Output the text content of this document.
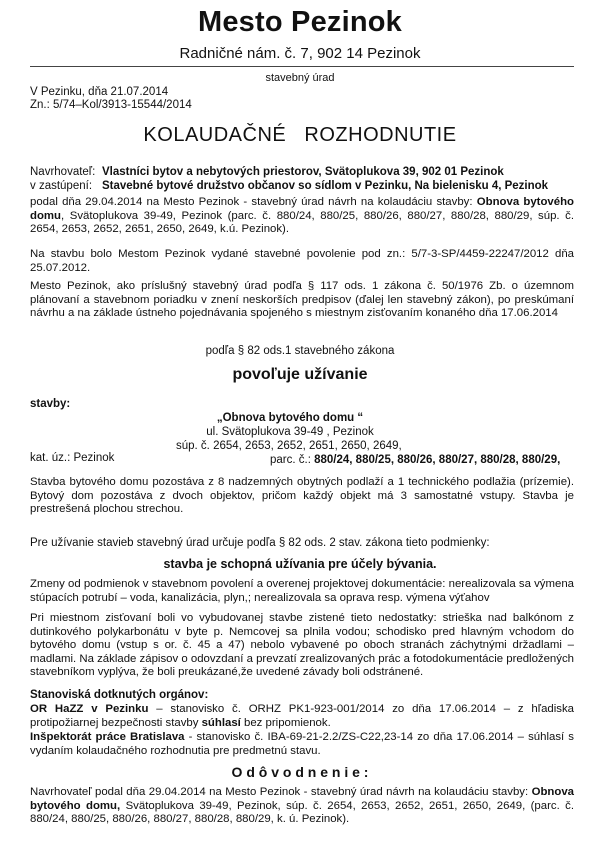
Mesto Pezinok
Radničné nám. č. 7, 902 14 Pezinok
stavebný úrad
V Pezinku, dňa 21.07.2014
Zn.: 5/74–Kol/3913-15544/2014
KOLAUDAČNÉ   ROZHODNUTIE
Navrhovateľ: Vlastníci bytov a nebytových priestorov, Svätoplukova 39, 902 01 Pezinok
v zastúpení: Stavebné bytové družstvo občanov so sídlom v Pezinku, Na bielenisku 4, Pezinok
podal dňa 29.04.2014 na Mesto Pezinok - stavebný úrad návrh na kolaudáciu stavby: Obnova bytového domu, Svätoplukova 39-49, Pezinok (parc. č. 880/24, 880/25, 880/26, 880/27, 880/28, 880/29, súp. č. 2654, 2653, 2652, 2651, 2650, 2649, k.ú. Pezinok).
Na stavbu bolo Mestom Pezinok vydané stavebné povolenie pod zn.: 5/7-3-SP/4459-22247/2012 dňa 25.07.2012.
Mesto Pezinok, ako príslušný stavebný úrad podľa § 117 ods. 1 zákona č. 50/1976 Zb. o územnom plánovaní a stavebnom poriadku v znení neskorších predpisov (ďalej len stavebný zákon), po preskúmaní návrhu a na základe ústneho pojednávania spojeného s miestnym zisťovaním konaného dňa 17.06.2014
podľa § 82 ods.1 stavebného zákona
povoľuje užívanie
stavby:
„Obnova bytového domu “
ul. Svätoplukova 39-49 , Pezinok
súp. č. 2654, 2653, 2652, 2651, 2650, 2649,
kat. úz.: Pezinok	parc. č.: 880/24, 880/25, 880/26, 880/27, 880/28, 880/29,
Stavba bytového domu pozostáva z 8 nadzemných obytných podlaží a 1 technického podlažia (prízemie). Bytový dom pozostáva z dvoch objektov, pričom každý objekt má 3 samostatné vstupy. Stavba je prestrešená plochou strechou.
Pre užívanie stavieb stavebný úrad určuje podľa § 82 ods. 2 stav. zákona tieto podmienky:
stavba je schopná užívania pre účely bývania.
Zmeny od podmienok v stavebnom povolení a overenej projektovej dokumentácie: nerealizovala sa výmena stúpacích potrubí – voda, kanalizácia, plyn,; nerealizovala sa oprava resp. výmena výťahov
Pri miestnom zisťovaní boli vo vybudovanej stavbe zistené tieto nedostatky: strieška nad balkónom z dutinkového polykarbonátu v byte p. Nemcovej sa plnila vodou; schodisko pred hlavným vchodom do bytového domu (vstup s or. č. 45 a 47) nebolo vybavené po oboch stranách záchytnými držadlami – madlami. Na základe zápisov o odovzdaní a prevzatí zrealizovaných prác a fotodokumentácie predložených stavebníkom vyplýva, že boli preukázané,že uvedené závady boli odstránené.
Stanoviská dotknutých orgánov:
OR HaZZ v Pezinku – stanovisko č. ORHZ PK1-923-001/2014 zo dňa 17.06.2014 – z hľadiska protipožiarnej bezpečnosti stavby súhlasí bez pripomienok.
Inšpektorát práce Bratislava - stanovisko č. IBA-69-21-2.2/ZS-C22,23-14 zo dňa 17.06.2014 – súhlasí s vydaním kolaudačného rozhodnutia pre predmetnú stavu.
O d ô v o d n e n i e :
Navrhovateľ podal dňa 29.04.2014 na Mesto Pezinok - stavebný úrad návrh na kolaudáciu stavby: Obnova bytového domu, Svätoplukova 39-49, Pezinok, súp. č. 2654, 2653, 2652, 2651, 2650, 2649, (parc. č. 880/24, 880/25, 880/26, 880/27, 880/28, 880/29, k. ú. Pezinok).
